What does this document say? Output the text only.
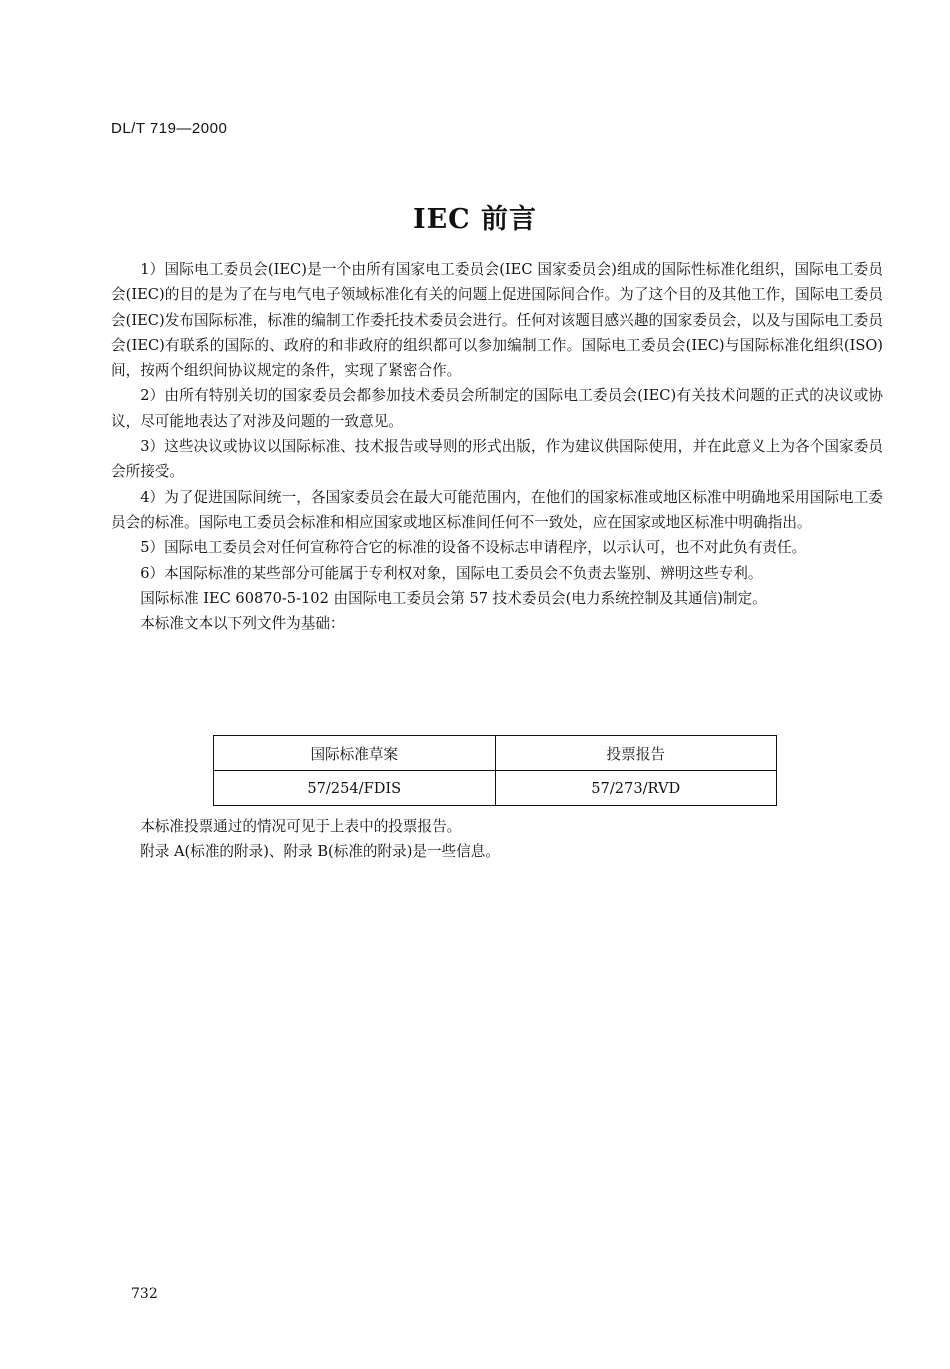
DL/T 719—2000
IEC 前言

1）国际电工委员会(IEC)是一个由所有国家电工委员会(IEC 国家委员会)组成的国际性标准化组织，国际电工委员会(IEC)的目的是为了在与电气电子领域标准化有关的问题上促进国际间合作。为了这个目的及其他工作，国际电工委员会(IEC)发布国际标准，标准的编制工作委托技术委员会进行。任何对该题目感兴趣的国家委员会，以及与国际电工委员会(IEC)有联系的国际的、政府的和非政府的组织都可以参加编制工作。国际电工委员会(IEC)与国际标准化组织(ISO)间，按两个组织间协议规定的条件，实现了紧密合作。

2）由所有特别关切的国家委员会都参加技术委员会所制定的国际电工委员会(IEC)有关技术问题的正式的决议或协议，尽可能地表达了对涉及问题的一致意见。

3）这些决议或协议以国际标准、技术报告或导则的形式出版，作为建议供国际使用，并在此意义上为各个国家委员会所接受。

4）为了促进国际间统一，各国家委员会在最大可能范围内，在他们的国家标准或地区标准中明确地采用国际电工委员会的标准。国际电工委员会标准和相应国家或地区标准间任何不一致处，应在国家或地区标准中明确指出。

5）国际电工委员会对任何宣称符合它的标准的设备不设标志申请程序，以示认可，也不对此负有责任。

6）本国际标准的某些部分可能属于专利权对象，国际电工委员会不负责去鉴别、辨明这些专利。

国际标准 IEC 60870-5-102 由国际电工委员会第 57 技术委员会(电力系统控制及其通信)制定。

本标准文本以下列文件为基础：

国际标准草案	投票报告
57/254/FDIS	57/273/RVD

本标准投票通过的情况可见于上表中的投票报告。

附录 A(标准的附录)、附录 B(标准的附录)是一些信息。

732
